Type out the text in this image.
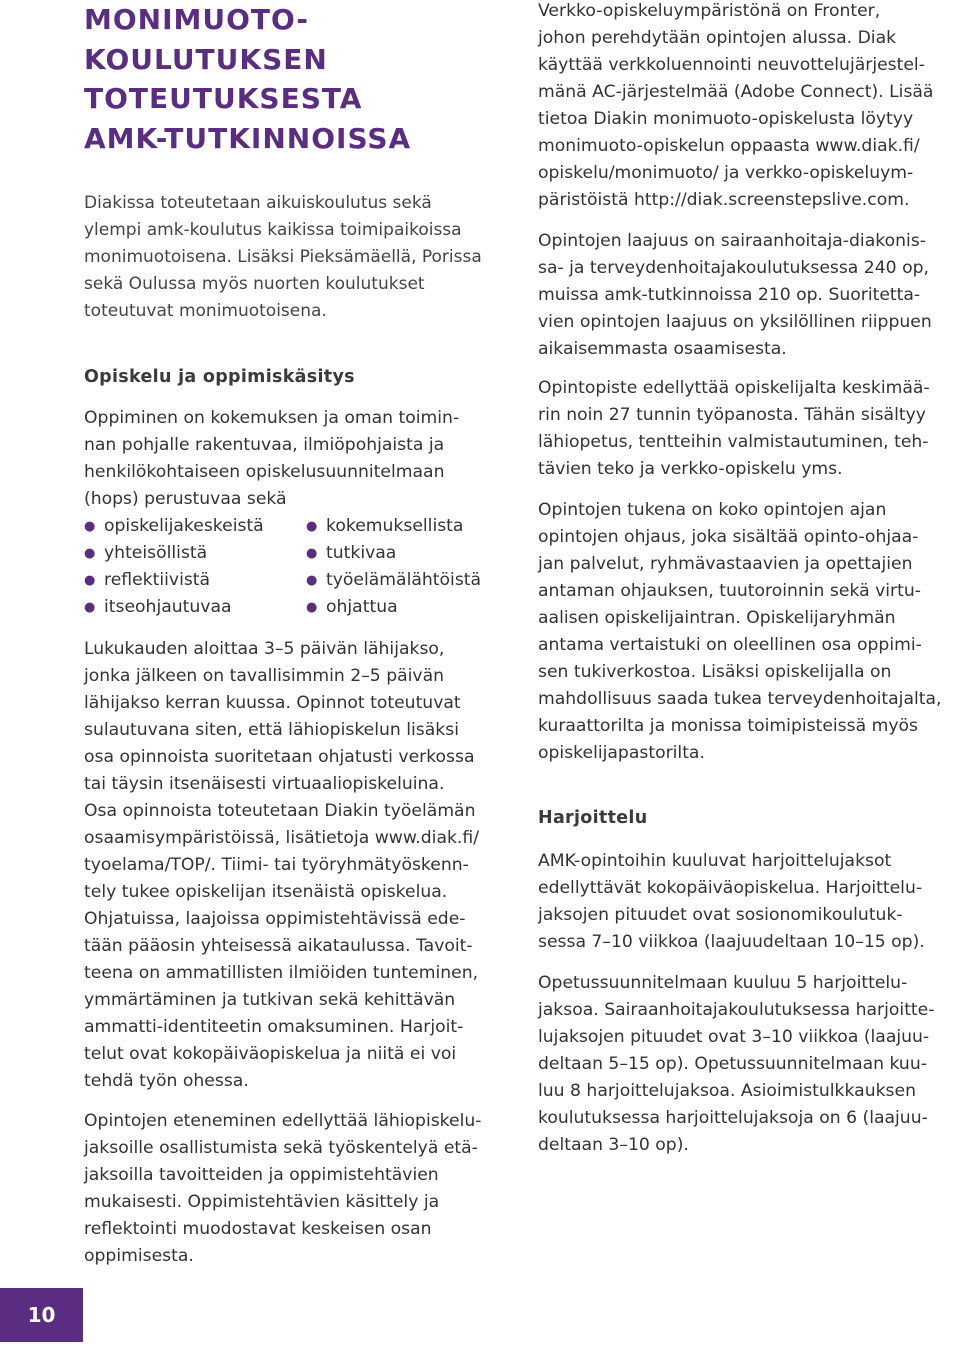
MONIMUOTO-
KOULUTUKSEN
TOTEUTUKSESTA
AMK-TUTKINNOISSA
Diakissa toteutetaan aikuiskoulutus sekä
ylempi amk-koulutus kaikissa toimipaikoissa
monimuotoisena. Lisäksi Pieksämäellä, Porissa
sekä Oulussa myös nuorten koulutukset
toteutuvat monimuotoisena.
Opiskelu ja oppimiskäsitys
Oppiminen on kokemuksen ja oman toimin-
nan pohjalle rakentuvaa, ilmiöpohjaista ja
henkilökohtaiseen opiskelusuunnitelmaan
(hops) perustuvaa sekä
● opiskelijakeskeistä	● kokemuksellista
● yhteisöllistä	● tutkivaa
● reflektiivistä	● työelämälähtöistä
● itseohjautuvaa	● ohjattua
Lukukauden aloittaa 3–5 päivän lähijakso,
jonka jälkeen on tavallisimmin 2–5 päivän
lähijakso kerran kuussa. Opinnot toteutuvat
sulautuvana siten, että lähiopiskelun lisäksi
osa opinnoista suoritetaan ohjatusti verkossa
tai täysin itsenäisesti virtuaaliopiskeluina.
Osa opinnoista toteutetaan Diakin työelämän
osaamisympäristöissä, lisätietoja www.diak.fi/
tyoelama/TOP/. Tiimi- tai työryhmätyöskenn-
tely tukee opiskelijan itsenäistä opiskelua.
Ohjatuissa, laajoissa oppimistehtävissä ede-
tään pääosin yhteisessä aikataulussa. Tavoit-
teena on ammatillisten ilmiöiden tunteminen,
ymmärtäminen ja tutkivan sekä kehittävän
ammatti-identiteetin omaksuminen. Harjoit-
telut ovat kokopäiväopiskelua ja niitä ei voi
tehdä työn ohessa.
Opintojen eteneminen edellyttää lähiopiskelu-
jaksoille osallistumista sekä työskentelyä etä-
jaksoilla tavoitteiden ja oppimistehtävien
mukaisesti. Oppimistehtävien käsittely ja
reflektointi muodostavat keskeisen osan
oppimisesta.
Verkko-opiskeluympäristönä on Fronter,
johon perehdytään opintojen alussa. Diak
käyttää verkkoluennointi neuvottelujärjestel-
mänä AC-järjestelmää (Adobe Connect). Lisää
tietoa Diakin monimuoto-opiskelusta löytyy
monimuoto-opiskelun oppaasta www.diak.fi/
opiskelu/monimuoto/ ja verkko-opiskeluym-
päristöistä http://diak.screenstepslive.com.
Opintojen laajuus on sairaanhoitaja-diakonis-
sa- ja terveydenhoitajakoulutuksessa 240 op,
muissa amk-tutkinnoissa 210 op. Suoritetta-
vien opintojen laajuus on yksilöllinen riippuen
aikaisemmasta osaamisesta.
Opintopiste edellyttää opiskelijalta keskimää-
rin noin 27 tunnin työpanosta. Tähän sisältyy
lähiopetus, tentteihin valmistautuminen, teh-
tävien teko ja verkko-opiskelu yms.
Opintojen tukena on koko opintojen ajan
opintojen ohjaus, joka sisältää opinto-ohjaa-
jan palvelut, ryhmävastaavien ja opettajien
antaman ohjauksen, tuutoroinnin sekä virtu-
aalisen opiskelijaintran. Opiskelijaryhmän
antama vertaistuki on oleellinen osa oppimi-
sen tukiverkostoa. Lisäksi opiskelijalla on
mahdollisuus saada tukea terveydenhoitajalta,
kuraattorilta ja monissa toimipisteissä myös
opiskelijapastorilta.
Harjoittelu
AMK-opintoihin kuuluvat harjoittelujaksot
edellyttävät kokopäiväopiskelua. Harjoittelu-
jaksojen pituudet ovat sosionomikoulutuk-
sessa 7–10 viikkoa (laajuudeltaan 10–15 op).
Opetussuunnitelmaan kuuluu 5 harjoittelu-
jaksoa. Sairaanhoitajakoulutuksessa harjoitte-
lujaksojen pituudet ovat 3–10 viikkoa (laajuu-
deltaan 5–15 op). Opetussuunnitelmaan kuu-
luu 8 harjoittelujaksoa. Asioimistulkkauksen
koulutuksessa harjoittelujaksoja on 6 (laajuu-
deltaan 3–10 op).
10
